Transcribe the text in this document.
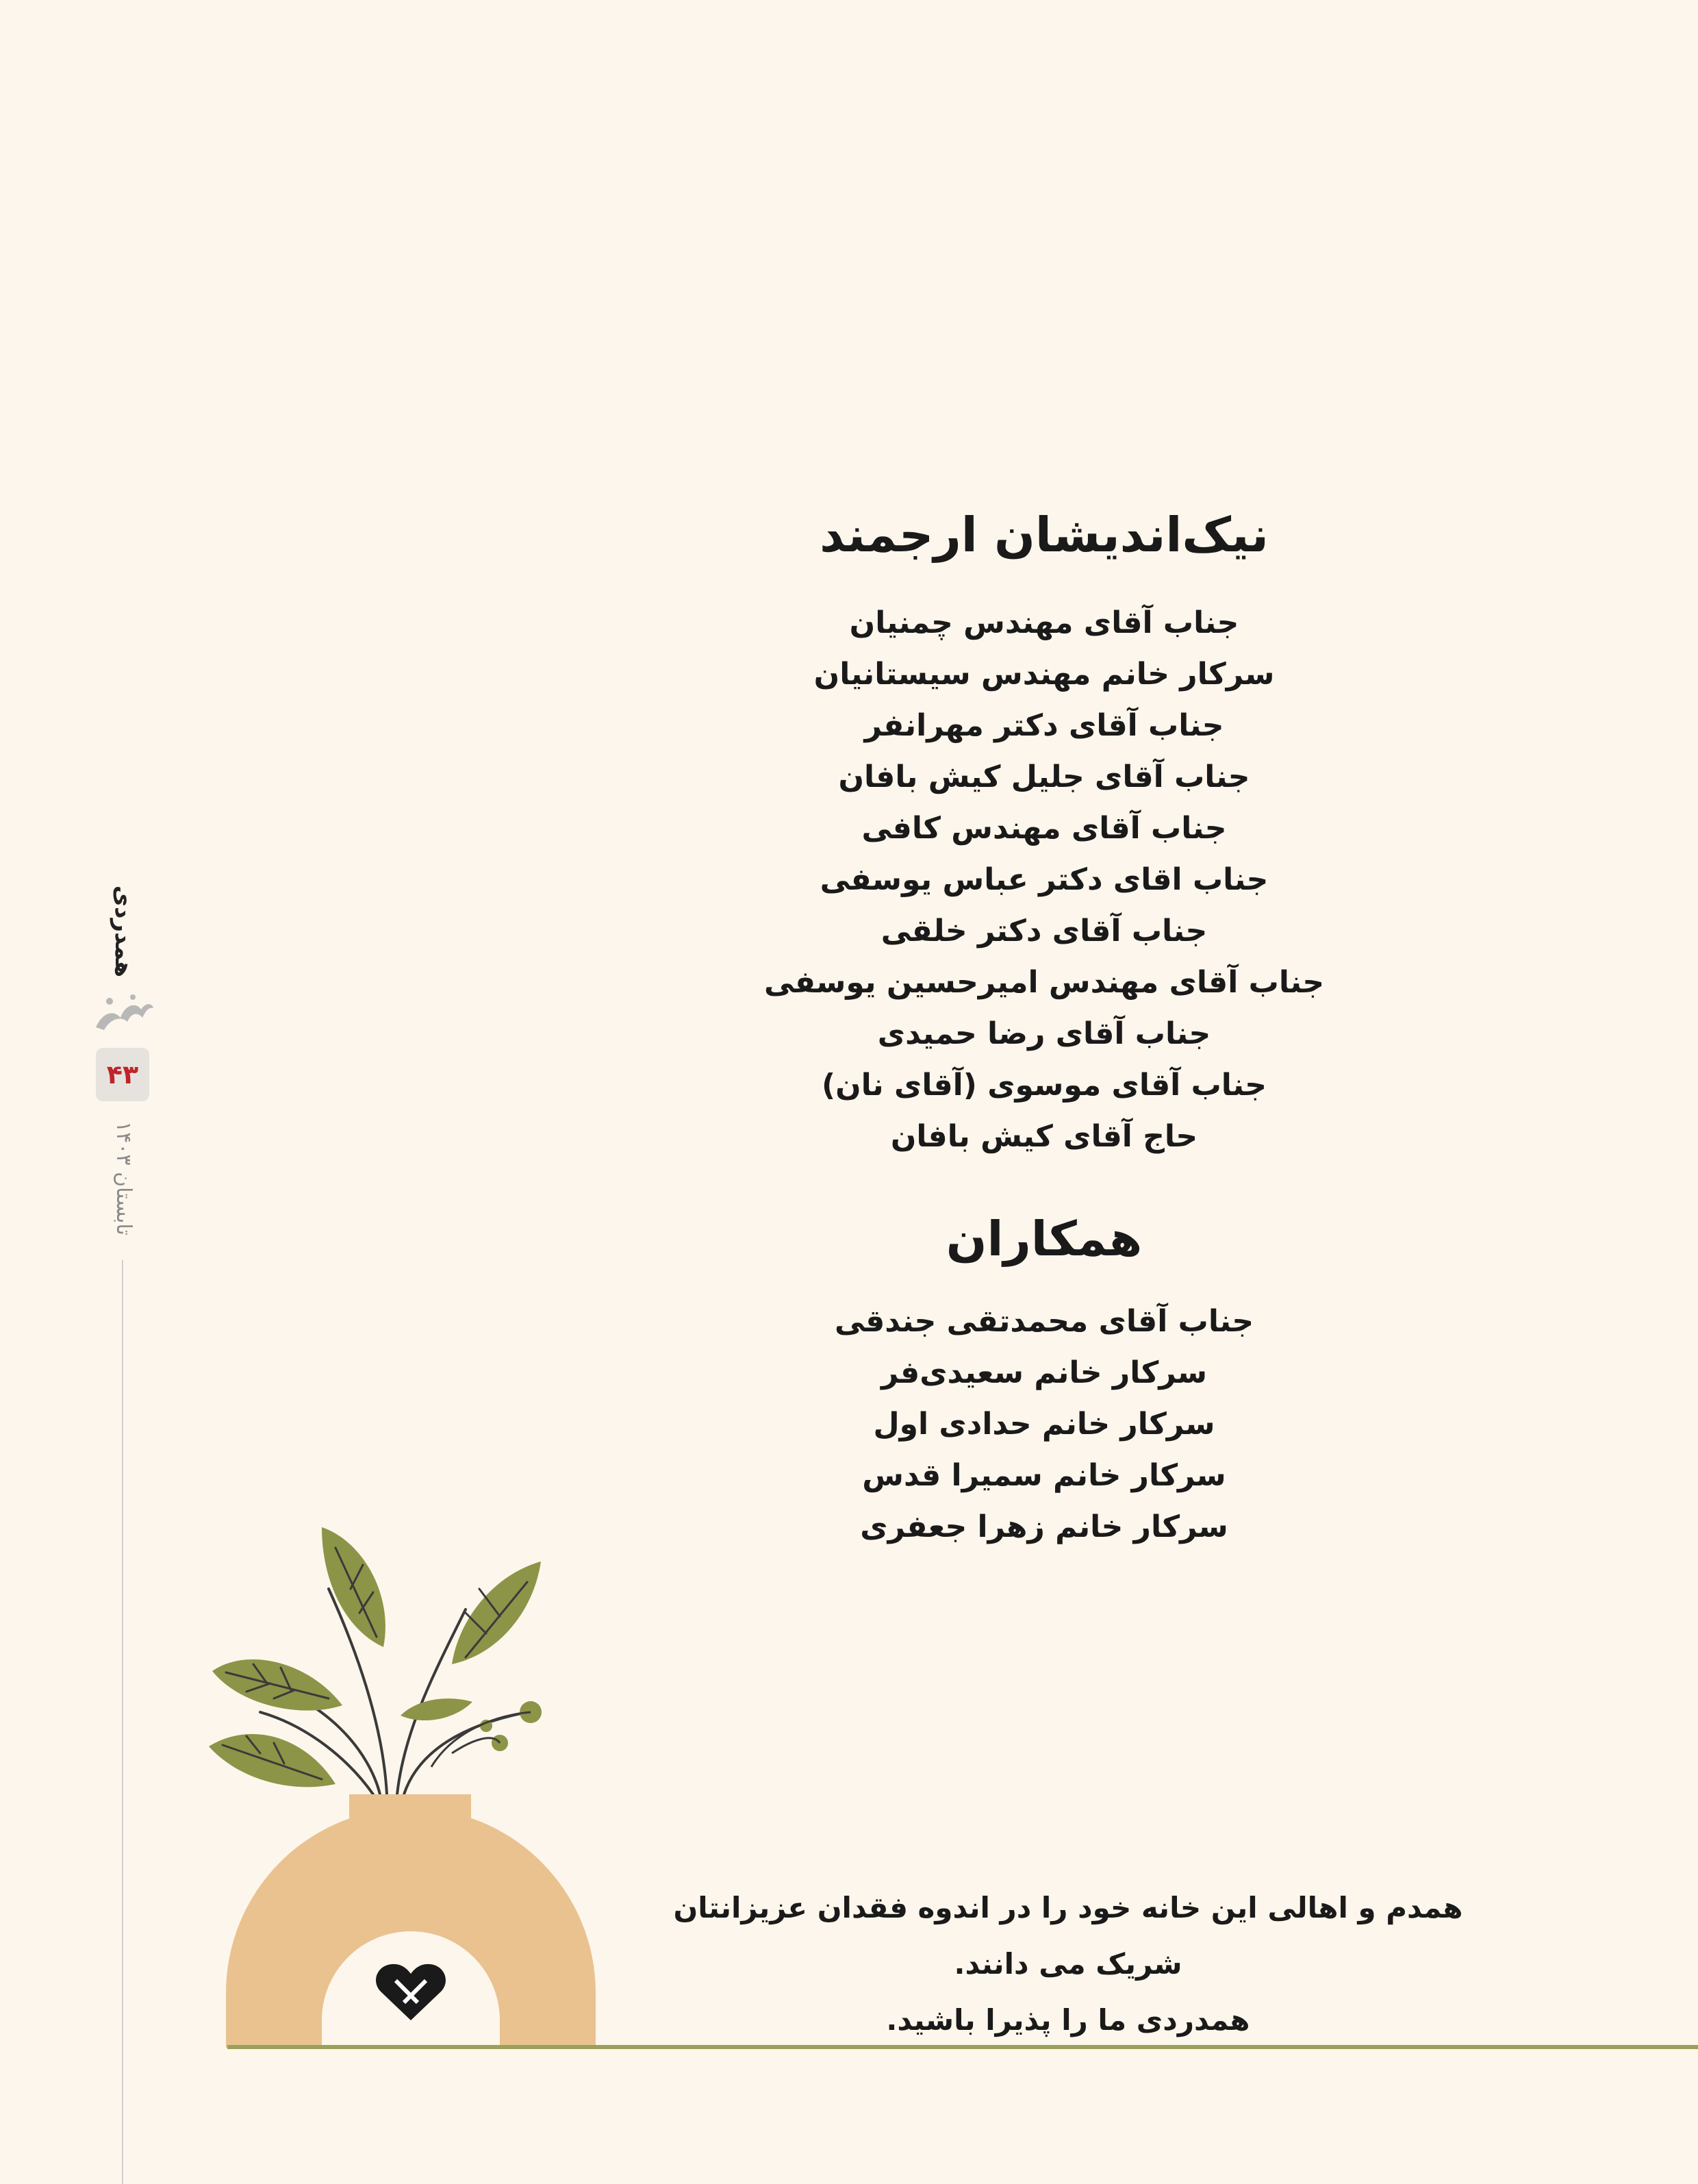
همدردی
۴۳
تابستان ۱۴۰۳
نیک‌اندیشان ارجمند
جناب آقای مهندس چمنیان
سرکار خانم مهندس سیستانیان
جناب آقای دکتر مهرانفر
جناب آقای جلیل کیش بافان
جناب آقای مهندس کافی
جناب اقای دکتر عباس یوسفی
جناب آقای دکتر خلقی
جناب آقای مهندس امیرحسین یوسفی
جناب آقای رضا حمیدی
جناب آقای موسوی (آقای نان)
حاج آقای کیش بافان
همکاران
جناب آقای محمدتقی جندقی
سرکار خانم سعیدی‌فر
سرکار خانم حدادی اول
سرکار خانم سمیرا قدس
سرکار خانم زهرا جعفری

همدم و اهالی این خانه خود را در اندوه فقدان عزیزانتان شریک می دانند.

همدردی ما را پذیرا باشید.
